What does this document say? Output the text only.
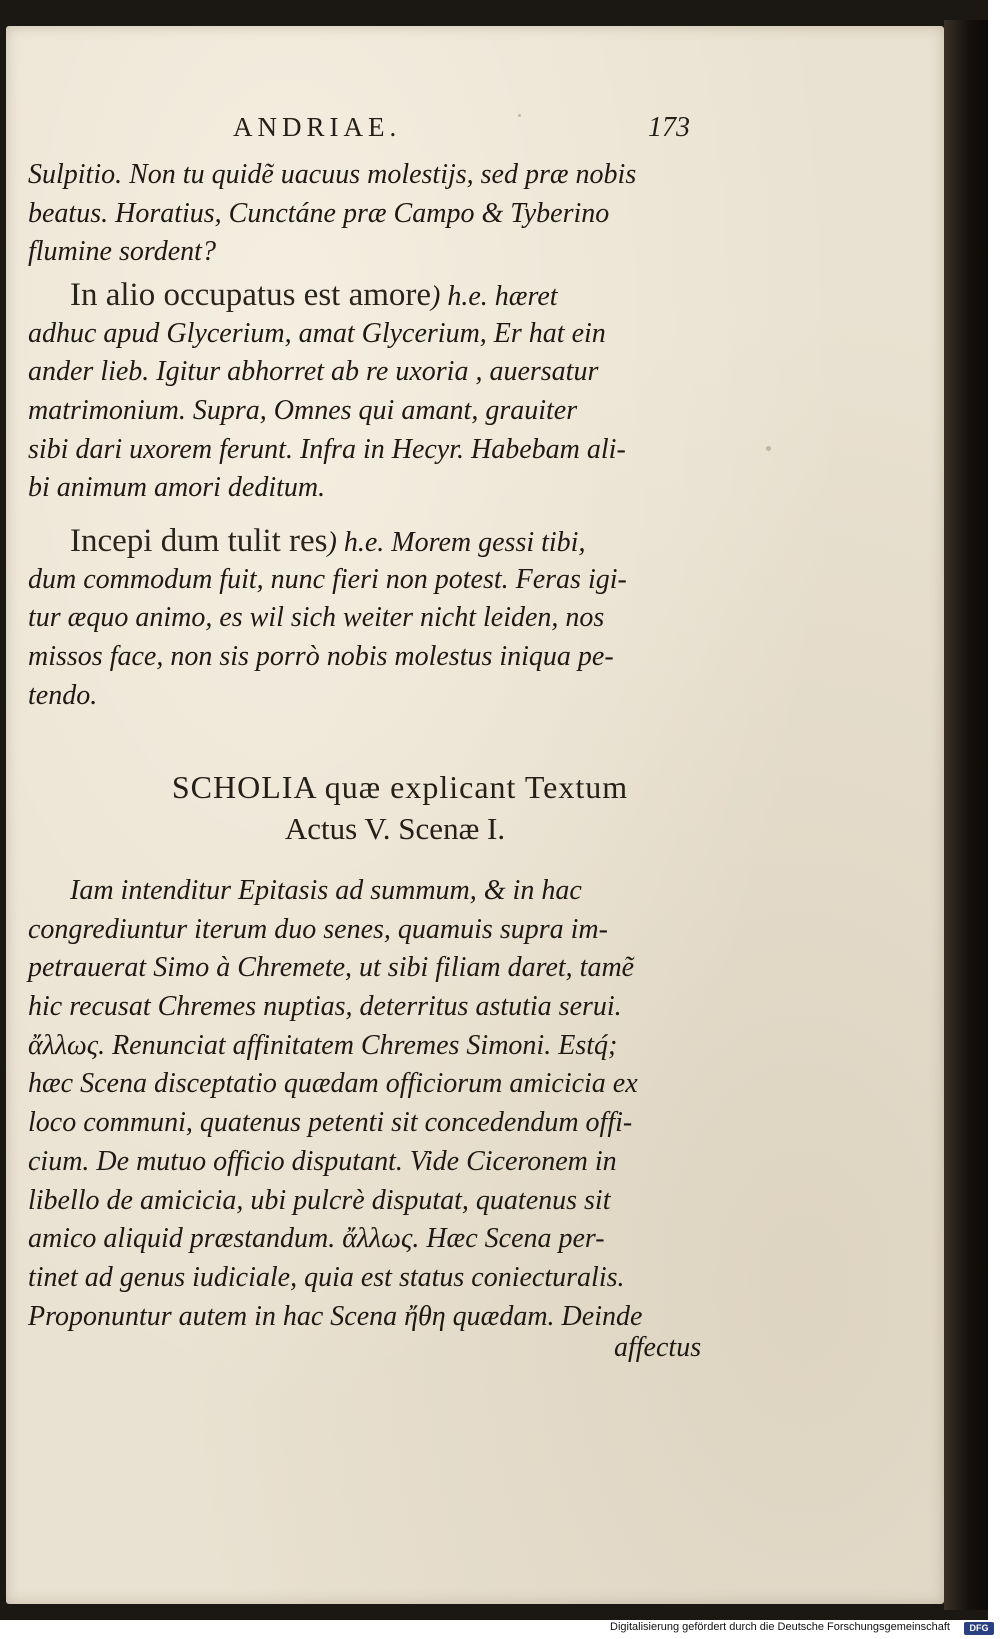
ANDRIAE.	173
Sulpitio. Non tu quidẽ uacuus molestijs, sed præ nobis
beatus. Horatius, Cunctáne præ Campo & Tyberino
flumine sordent?
In alio occupatus est amore) h.e. hæret
adhuc apud Glycerium, amat Glycerium, Er hat ein
ander lieb. Igitur abhorret ab re uxoria , auersatur
matrimonium. Supra, Omnes qui amant, grauiter
sibi dari uxorem ferunt. Infra in Hecyr. Habebam ali-
bi animum amori deditum.
Incepi dum tulit res) h.e. Morem gessi tibi,
dum commodum fuit, nunc fieri non potest. Feras igi-
tur æquo animo, es wil sich weiter nicht leiden, nos
missos face, non sis porrò nobis molestus iniqua pe-
tendo.
SCHOLIA quæ explicant Textum
Actus V. Scenæ I.
Iam intenditur Epitasis ad summum, & in hac
congrediuntur iterum duo senes, quamuis supra im-
petrauerat Simo à Chremete, ut sibi filiam daret, tamẽ
hic recusat Chremes nuptias, deterritus astutia serui.
ἄλλως. Renunciat affinitatem Chremes Simoni. Estq́;
hæc Scena disceptatio quædam officiorum amicicia ex
loco communi, quatenus petenti sit concedendum offi-
cium. De mutuo officio disputant. Vide Ciceronem in
libello de amicicia, ubi pulcrè disputat, quatenus sit
amico aliquid præstandum. ἄλλως. Hæc Scena per-
tinet ad genus iudiciale, quia est status coniecturalis.
Proponuntur autem in hac Scena ἤθη quædam. Deinde
affectus
Digitalisierung gefördert durch die Deutsche Forschungsgemeinschaft	DFG
